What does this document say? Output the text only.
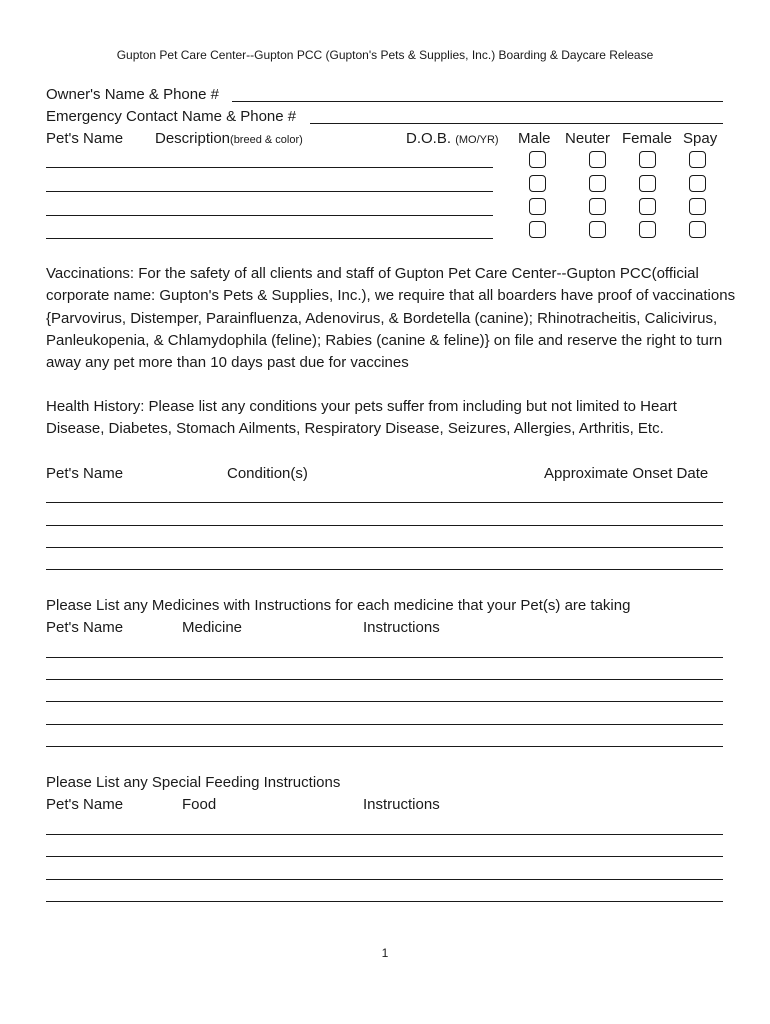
Gupton Pet Care Center--Gupton PCC (Gupton's Pets & Supplies, Inc.) Boarding & Daycare Release
Owner's Name & Phone #
Emergency Contact Name & Phone #
Pet's Name Description(breed & color)	D.O.B. (MO/YR) Male Neuter Female Spay
Vaccinations: For the safety of all clients and staff of Gupton Pet Care Center--Gupton PCC(official corporate name: Gupton's Pets & Supplies, Inc.), we require that all boarders have proof of vaccinations {Parvovirus, Distemper, Parainfluenza, Adenovirus, & Bordetella (canine); Rhinotracheitis, Calicivirus, Panleukopenia, & Chlamydophila (feline); Rabies (canine & feline)} on file and reserve the right to turn away any pet more than 10 days past due for vaccines
Health History: Please list any conditions your pets suffer from including but not limited to Heart Disease, Diabetes, Stomach Ailments, Respiratory Disease, Seizures, Allergies, Arthritis, Etc.
Pet's Name	Condition(s)	Approximate Onset Date
Please List any Medicines with Instructions for each medicine that your Pet(s) are taking
Pet's Name	Medicine	Instructions
Please List any Special Feeding Instructions
Pet's Name	Food	Instructions
1
